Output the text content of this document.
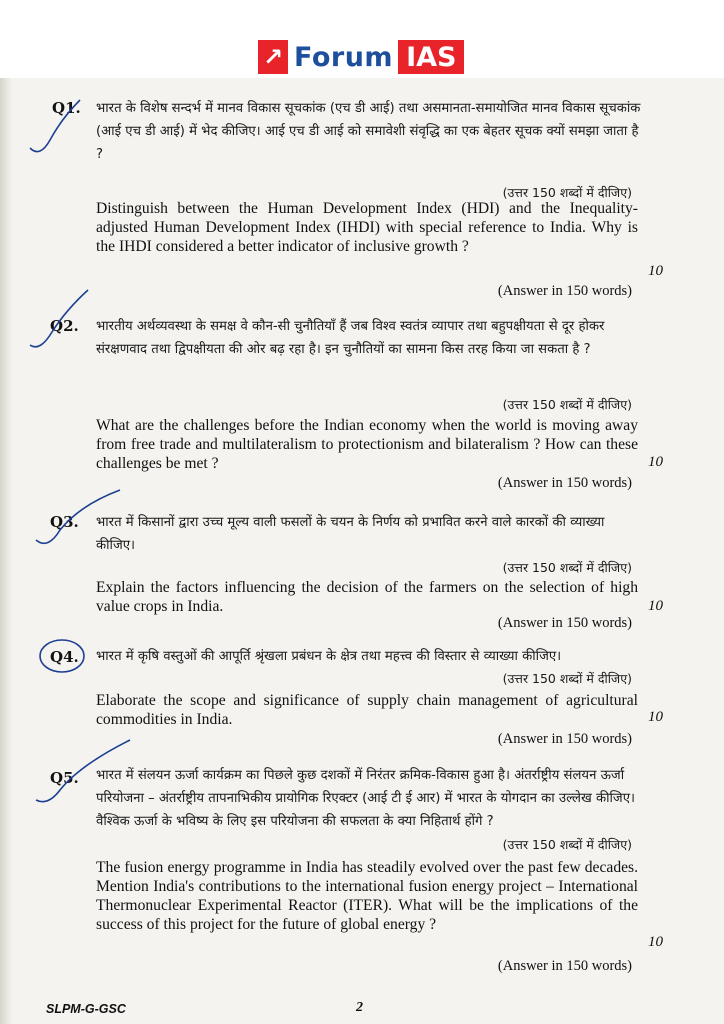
↗ Forum IAS
Q1. भारत के विशेष सन्दर्भ में मानव विकास सूचकांक (एच डी आई) तथा असमानता-समायोजित मानव विकास सूचकांक (आई एच डी आई) में भेद कीजिए। आई एच डी आई को समावेशी संवृद्धि का एक बेहतर सूचक क्यों समझा जाता है ?
(उत्तर 150 शब्दों में दीजिए)
Distinguish between the Human Development Index (HDI) and the Inequality-adjusted Human Development Index (IHDI) with special reference to India. Why is the IHDI considered a better indicator of inclusive growth ?
10
(Answer in 150 words)
Q2. भारतीय अर्थव्यवस्था के समक्ष वे कौन-सी चुनौतियाँ हैं जब विश्व स्वतंत्र व्यापार तथा बहुपक्षीयता से दूर होकर संरक्षणवाद तथा द्विपक्षीयता की ओर बढ़ रहा है। इन चुनौतियों का सामना किस तरह किया जा सकता है ?
(उत्तर 150 शब्दों में दीजिए)
What are the challenges before the Indian economy when the world is moving away from free trade and multilateralism to protectionism and bilateralism ? How can these challenges be met ?	10
(Answer in 150 words)
Q3. भारत में किसानों द्वारा उच्च मूल्य वाली फसलों के चयन के निर्णय को प्रभावित करने वाले कारकों की व्याख्या कीजिए।
(उत्तर 150 शब्दों में दीजिए)
Explain the factors influencing the decision of the farmers on the selection of high value crops in India.	10
(Answer in 150 words)
Q4. भारत में कृषि वस्तुओं की आपूर्ति श्रृंखला प्रबंधन के क्षेत्र तथा महत्त्व की विस्तार से व्याख्या कीजिए।
(उत्तर 150 शब्दों में दीजिए)
Elaborate the scope and significance of supply chain management of agricultural commodities in India.	10
(Answer in 150 words)
Q5. भारत में संलयन ऊर्जा कार्यक्रम का पिछले कुछ दशकों में निरंतर क्रमिक-विकास हुआ है। अंतर्राष्ट्रीय संलयन ऊर्जा परियोजना – अंतर्राष्ट्रीय तापनाभिकीय प्रायोगिक रिएक्टर (आई टी ई आर) में भारत के योगदान का उल्लेख कीजिए। वैश्विक ऊर्जा के भविष्य के लिए इस परियोजना की सफलता के क्या निहितार्थ होंगे ?
(उत्तर 150 शब्दों में दीजिए)
The fusion energy programme in India has steadily evolved over the past few decades. Mention India's contributions to the international fusion energy project – International Thermonuclear Experimental Reactor (ITER). What will be the implications of the success of this project for the future of global energy ?
10
(Answer in 150 words)
SLPM-G-GSC	2
